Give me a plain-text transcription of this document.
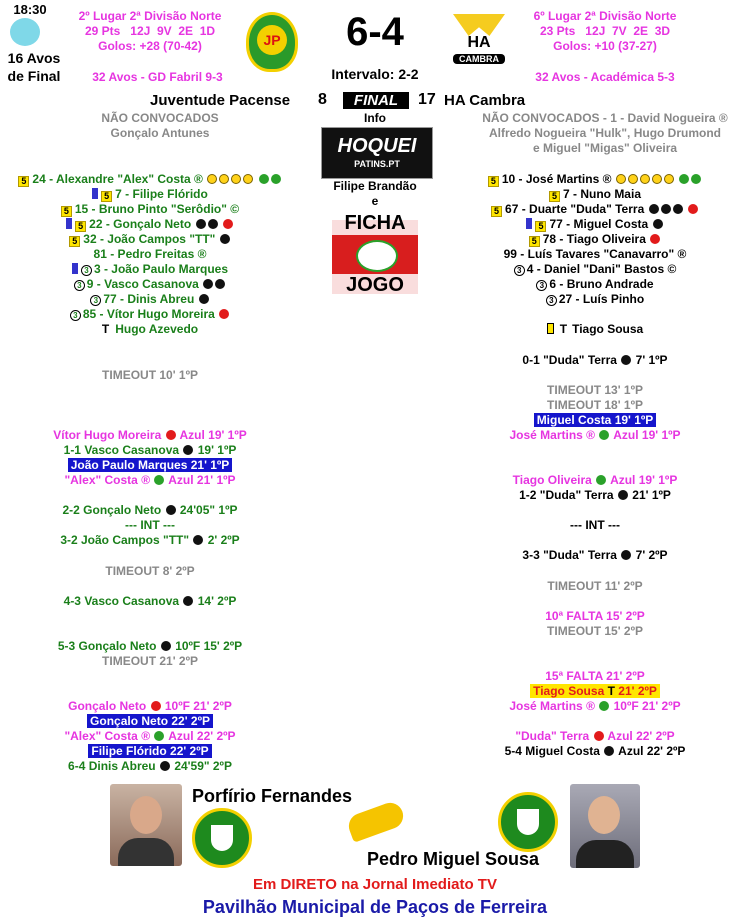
18:30
16 Avos
de Final
2º Lugar 2ª Divisão Norte
29 Pts   12J  9V  2E  1D
Golos: +28 (70-42)
32 Avos - GD Fabril 9-3
JP	6-4
Intervalo: 2-2
HA
CAMBRA
6º Lugar 2ª Divisão Norte
23 Pts   12J  7V  2E  3D
Golos: +10 (37-27)
32 Avos - Académica 5-3
Juventude Pacense 8	FINAL	17 HA Cambra
NÃO CONVOCADOS
Gonçalo Antunes
NÃO CONVOCADOS - 1 - David Nogueira ®
Alfredo Nogueira "Hulk", Hugo Drumond
e Miguel "Migas" Oliveira
Info
HOQUEI
PATINS.PT
Filipe Brandão
e
FICHA
JOGO
5 24 - Alexandre "Alex" Costa ®
5 7 - Filipe Flórido
5 15 - Bruno Pinto "Serôdio" ©
5 22 - Gonçalo Neto
5 32 - João Campos "TT"
81 - Pedro Freitas ®
3 3 - João Paulo Marques
3 9 - Vasco Casanova
3 77 - Dinis Abreu
3 85 - Vítor Hugo Moreira
T Hugo Azevedo
5 10 - José Martins ®
5 7 - Nuno Maia
5 67 - Duarte "Duda" Terra
5 77 - Miguel Costa
5 78 - Tiago Oliveira
99 - Luís Tavares "Canavarro" ®
3 4 - Daniel "Dani" Bastos ©
3 6 - Bruno Andrade
3 27 - Luís Pinho
T Tiago Sousa
TIMEOUT 10' 1ºP
Vítor Hugo Moreira Azul 19' 1ºP
1-1 Vasco Casanova 19' 1ºP
João Paulo Marques 21' 1ºP
"Alex" Costa ® Azul 21' 1ºP
2-2 Gonçalo Neto 24'05" 1ºP
--- INT ---
3-2 João Campos "TT" 2' 2ºP
TIMEOUT 8' 2ºP
4-3 Vasco Casanova 14' 2ºP
5-3 Gonçalo Neto 10ºF 15' 2ºP
TIMEOUT 21' 2ºP
Gonçalo Neto 10ºF 21' 2ºP
Gonçalo Neto 22' 2ºP
"Alex" Costa ® Azul 22' 2ºP
Filipe Flórido 22' 2ºP
6-4 Dinis Abreu 24'59" 2ºP
0-1 "Duda" Terra 7' 1ºP
TIMEOUT 13' 1ºP
TIMEOUT 18' 1ºP
Miguel Costa 19' 1ºP
José Martins ® Azul 19' 1ºP
Tiago Oliveira Azul 19' 1ºP
1-2 "Duda" Terra 21' 1ºP
--- INT ---
3-3 "Duda" Terra 7' 2ºP
TIMEOUT 11' 2ºP
10ª FALTA 15' 2ºP
TIMEOUT 15' 2ºP
15ª FALTA 21' 2ºP
Tiago Sousa T 21' 2ºP
José Martins ® 10ºF 21' 2ºP
"Duda" Terra Azul 22' 2ºP
5-4 Miguel Costa Azul 22' 2ºP
Porfírio Fernandes
Pedro Miguel Sousa
Em DIRETO na Jornal Imediato TV
Pavilhão Municipal de Paços de Ferreira
